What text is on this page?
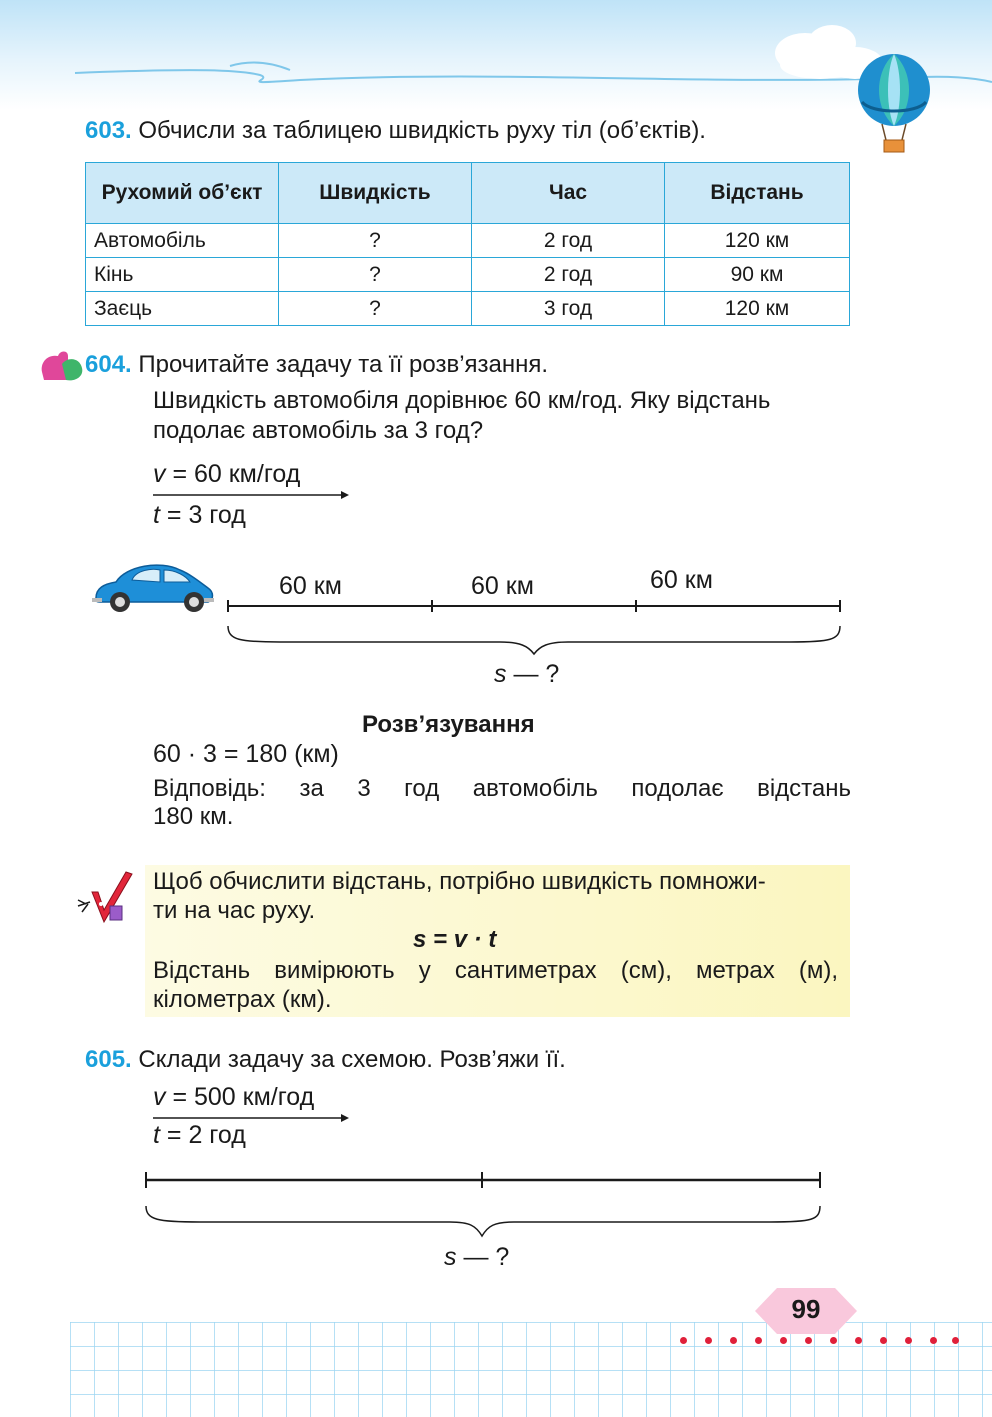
603. Обчисли за таблицею швидкість руху тіл (об’єктів).
Рухомий об’єкт	Швидкість	Час	Відстань
Автомобіль	?	2 год	120 км
Кінь	?	2 год	90 км
Заєць	?	3 год	120 км
604. Прочитайте задачу та її розв’язання.
Швидкість автомобіля дорівнює 60 км/год. Яку відстань
подолає автомобіль за 3 год?
v = 60 км/год
t = 3 год
60 км	60 км	60 км
s — ?
Розв’язування
60 · 3 = 180 (км)
Відповідь: за 3 год автомобіль подолає відстань
180 км.
Щоб обчислити відстань, потрібно швидкість помножи-
ти на час руху.
s = v · t
Відстань вимірюють у сантиметрах (см), метрах (м),
кілометрах (км).
605. Склади задачу за схемою. Розв’яжи її.
v = 500 км/год
t = 2 год
s — ?
99
